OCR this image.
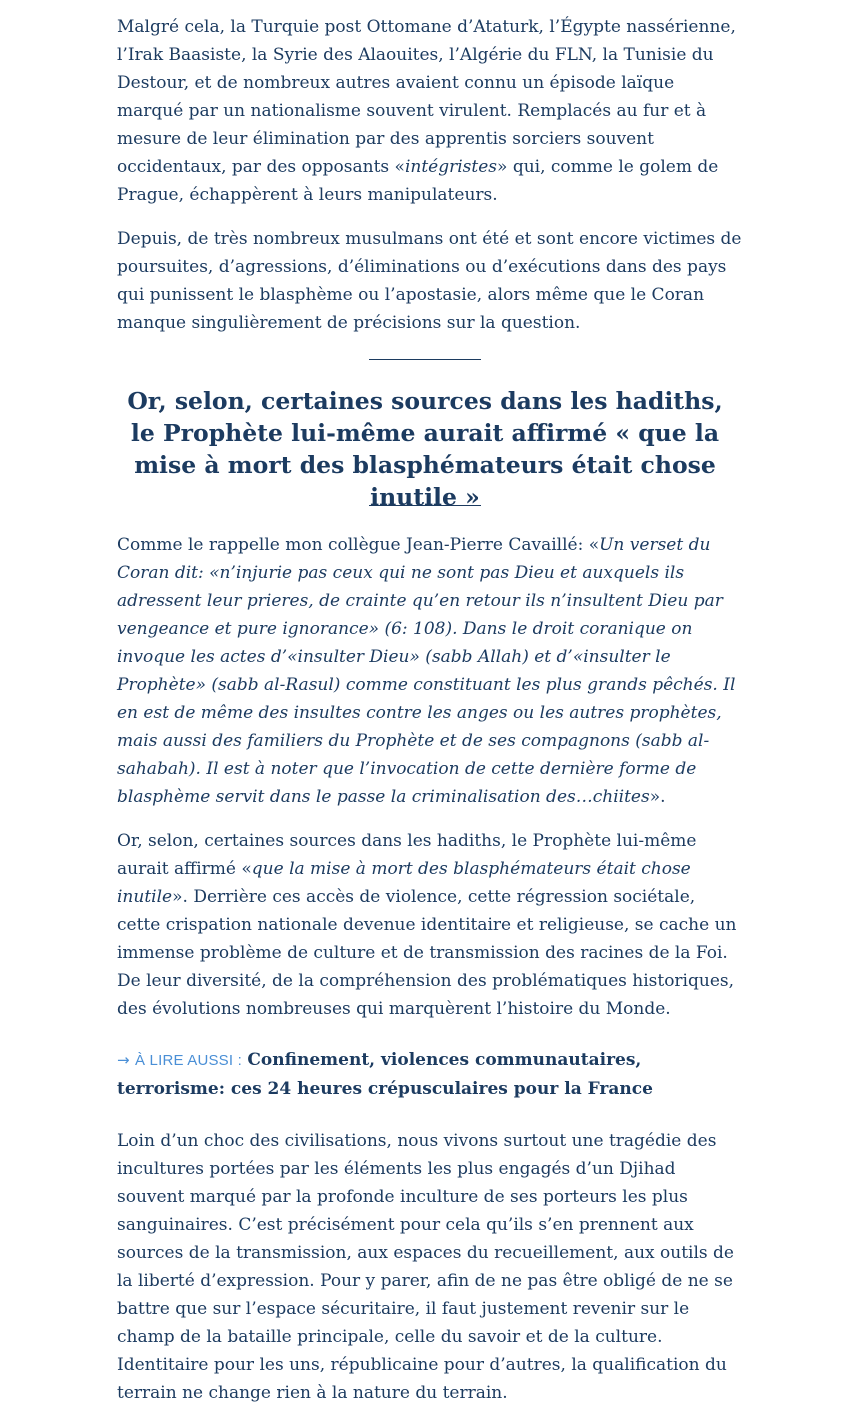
Malgré cela, la Turquie post Ottomane d’Ataturk, l’Égypte nassérienne, l’Irak Baasiste, la Syrie des Alaouites, l’Algérie du FLN, la Tunisie du Destour, et de nombreux autres avaient connu un épisode laïque marqué par un nationalisme souvent virulent. Remplacés au fur et à mesure de leur élimination par des apprentis sorciers souvent occidentaux, par des opposants «intégristes» qui, comme le golem de Prague, échappèrent à leurs manipulateurs.

Depuis, de très nombreux musulmans ont été et sont encore victimes de poursuites, d’agressions, d’éliminations ou d’exécutions dans des pays qui punissent le blasphème ou l’apostasie, alors même que le Coran manque singulièrement de précisions sur la question.

Or, selon, certaines sources dans les hadiths, le Prophète lui-même aurait affirmé « que la mise à mort des blasphémateurs était chose inutile »

Comme le rappelle mon collègue Jean-Pierre Cavaillé: «Un verset du Coran dit: «n’injurie pas ceux qui ne sont pas Dieu et auxquels ils adressent leur prieres, de crainte qu’en retour ils n’insultent Dieu par vengeance et pure ignorance» (6: 108). Dans le droit coranique on invoque les actes d’«insulter Dieu» (sabb Allah) et d’«insulter le Prophète» (sabb al-Rasul) comme constituant les plus grands pêchés. Il en est de même des insultes contre les anges ou les autres prophètes, mais aussi des familiers du Prophète et de ses compagnons (sabb al- sahabah). Il est à noter que l’invocation de cette dernière forme de blasphème servit dans le passe la criminalisation des…chiites».

Or, selon, certaines sources dans les hadiths, le Prophète lui-même aurait affirmé «que la mise à mort des blasphémateurs était chose inutile». Derrière ces accès de violence, cette régression sociétale, cette crispation nationale devenue identitaire et religieuse, se cache un immense problème de culture et de transmission des racines de la Foi. De leur diversité, de la compréhension des problématiques historiques, des évolutions nombreuses qui marquèrent l’histoire du Monde.

→ À LIRE AUSSI : Confinement, violences communautaires, terrorisme: ces 24 heures crépusculaires pour la France

Loin d’un choc des civilisations, nous vivons surtout une tragédie des incultures portées par les éléments les plus engagés d’un Djihad souvent marqué par la profonde inculture de ses porteurs les plus sanguinaires. C’est précisément pour cela qu’ils s’en prennent aux sources de la transmission, aux espaces du recueillement, aux outils de la liberté d’expression. Pour y parer, afin de ne pas être obligé de ne se battre que sur l’espace sécuritaire, il faut justement revenir sur le champ de la bataille principale, celle du savoir et de la culture. Identitaire pour les uns, républicaine pour d’autres, la qualification du terrain ne change rien à la nature du terrain.
